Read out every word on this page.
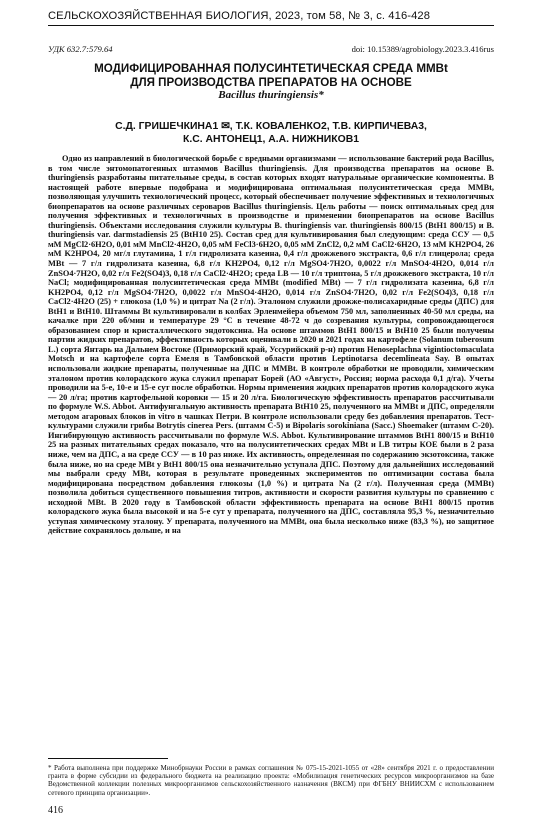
СЕЛЬСКОХОЗЯЙСТВЕННАЯ БИОЛОГИЯ, 2023, том 58, № 3, с. 416-428
УДК 632.7:579.64	doi: 10.15389/agrobiology.2023.3.416rus
МОДИФИЦИРОВАННАЯ ПОЛУСИНТЕТИЧЕСКАЯ СРЕДА MMBt
ДЛЯ ПРОИЗВОДСТВА ПРЕПАРАТОВ НА ОСНОВЕ
Bacillus thuringiensis*
С.Д. ГРИШЕЧКИНА1 ✉, Т.К. КОВАЛЕНКО2, Т.В. КИРПИЧЕВА3,
К.С. АНТОНЕЦ1, А.А. НИЖНИКОВ1

Одно из направлений в биологической борьбе с вредными организмами — использование бактерий рода Bacillus, в том числе энтомопатогенных штаммов Bacillus thuringiensis. Для производства препаратов на основе B. thuringiensis разработаны питательные среды, в состав которых входят натуральные органические компоненты. В настоящей работе впервые подобрана и модифицирована оптимальная полусинтетическая среда MMBt, позволяющая улучшить технологический процесс, который обеспечивает получение эффективных и технологичных биопрепаратов на основе различных сероваров Bacillus thuringiensis. Цель работы — поиск оптимальных сред для получения эффективных и технологичных в производстве и применении биопрепаратов на основе Bacillus thuringiensis. Объектами исследования служили культуры B. thuringiensis var. thuringiensis 800/15 (BtH1 800/15) и B. thuringiensis var. darmstadiensis 25 (BtH10 25). Состав сред для культивирования был следующим: среда ССУ — 0,5 мМ MgCl2·6H2O, 0,01 мМ MnCl2·4H2O, 0,05 мМ FeCl3·6H2O, 0,05 мМ ZnCl2, 0,2 мМ CaCl2·6H2O, 13 мМ KH2PO4, 26 мМ K2HPO4, 20 мг/л глутамина, 1 г/л гидролизата казеина, 0,4 г/л дрожжевого экстракта, 0,6 г/л глицерола; среда MBt — 7 г/л гидролизата казеина, 6,8 г/л KH2PO4, 0,12 г/л MgSO4·7H2O, 0,0022 г/л MnSO4·4H2O, 0,014 г/л ZnSO4·7H2O, 0,02 г/л Fe2(SO4)3, 0,18 г/л CaCl2·4H2O; среда LB — 10 г/л триптона, 5 г/л дрожжевого экстракта, 10 г/л NaCl; модифицированная полусинтетическая среда MMBt (modified MBt) — 7 г/л гидролизата казеина, 6,8 г/л KH2PO4, 0,12 г/л MgSO4·7H2O, 0,0022 г/л MnSO4·4H2O, 0,014 г/л ZnSO4·7H2O, 0,02 г/л Fe2(SO4)3, 0,18 г/л CaCl2·4H2O (25) + глюкоза (1,0 %) и цитрат Na (2 г/л). Эталоном служили дрожже-полисахаридные среды (ДПС) для BtH1 и BtH10. Штаммы Bt культивировали в колбах Эрленмейера объемом 750 мл, заполненных 40-50 мл среды, на качалке при 220 об/мин и температуре 29 °С в течение 48-72 ч до созревания культуры, сопровождающегося образованием спор и кристаллического эндотоксина. На основе штаммов BtH1 800/15 и BtH10 25 были получены партии жидких препаратов, эффективность которых оценивали в 2020 и 2021 годах на картофеле (Solanum tuberosum L.) сорта Янтарь на Дальнем Востоке (Приморский край, Уссурийский р-н) против Henoseplachna vigintioctomaculata Motsch и на картофеле сорта Емеля в Тамбовской области против Leptinotarsa decemlineata Say. В опытах использовали жидкие препараты, полученные на ДПС и MMBt. В контроле обработки не проводили, химическим эталоном против колорадского жука служил препарат Борей (АО «Август», Россия; норма расхода 0,1 д/га). Учеты проводили на 5-е, 10-е и 15-е сут после обработки. Нормы применения жидких препаратов против колорадского жука — 20 л/га; против картофельной коровки — 15 и 20 л/га. Биологическую эффективность препаратов рассчитывали по формуле W.S. Abbot. Антифунгальную активность препарата BtH10 25, полученного на MMBt и ДПС, определяли методом агаровых блоков in vitro в чашках Петри. В контроле использовали среду без добавления препаратов. Тест-культурами служили грибы Botrytis cinerea Pers. (штамм С-5) и Bipolaris sorokiniana (Sacc.) Shoemaker (штамм С-20). Ингибирующую активность рассчитывали по формуле W.S. Abbot. Культивирование штаммов BtH1 800/15 и BtH10 25 на разных питательных средах показало, что на полусинтетических средах MBt и LB титры КОЕ были в 2 раза ниже, чем на ДПС, а на среде ССУ — в 10 раз ниже. Их активность, определенная по содержанию экзотоксина, также была ниже, но на среде MBt у BtH1 800/15 она незначительно уступала ДПС. Поэтому для дальнейших исследований мы выбрали среду MBt, которая в результате проведенных экспериментов по оптимизации состава была модифицирована посредством добавления глюкозы (1,0 %) и цитрата Na (2 г/л). Полученная среда (MMBt) позволила добиться существенного повышения титров, активности и скорости развития культуры по сравнению с исходной MBt. В 2020 году в Тамбовской области эффективность препарата на основе BtH1 800/15 против колорадского жука была высокой и на 5-е сут у препарата, полученного на ДПС, составляла 95,3 %, незначительно уступая химическому эталону. У препарата, полученного на MMBt, она была несколько ниже (83,3 %), но защитное действие сохранялось дольше, и на

* Работа выполнена при поддержке Минобрнауки России в рамках соглашения № 075-15-2021-1055 от «28» сентября 2021 г. о предоставлении гранта в форме субсидии из федерального бюджета на реализацию проекта: «Мобилизация генетических ресурсов микроорганизмов на базе Ведомственной коллекции полезных микроорганизмов сельскохозяйственного назначения (ВКСМ) при ФГБНУ ВНИИСХМ с использованием сетевого принципа организации».
416
